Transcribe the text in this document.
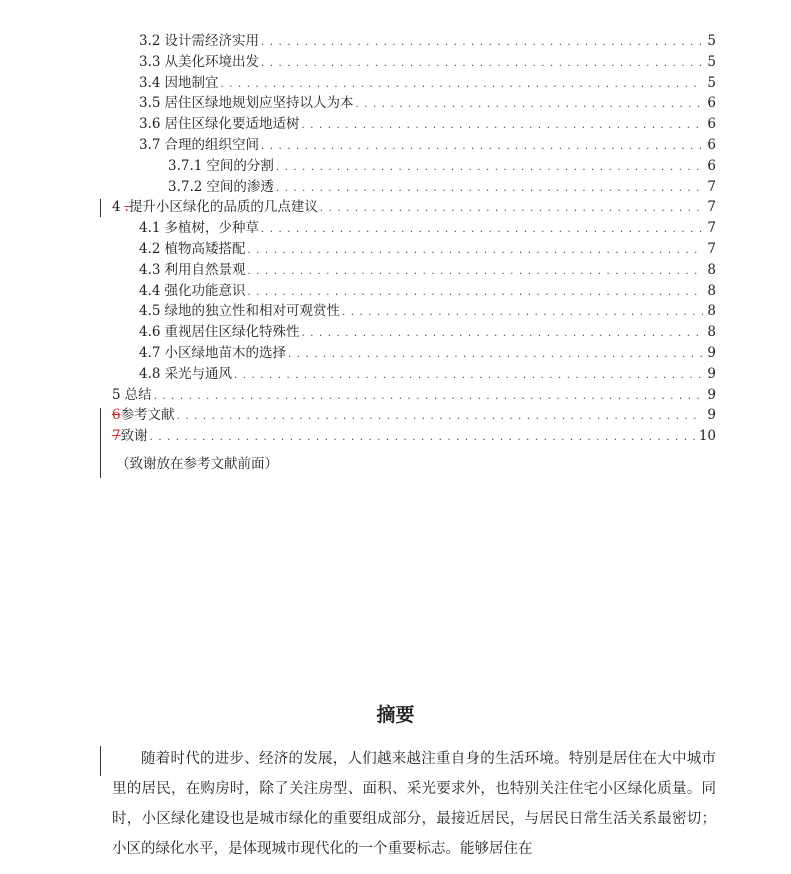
3.2 设计需经济实用 . . .	5
3.3 从美化环境出发 . . .	5
3.4 因地制宜 . . .	5
3.5 居住区绿地规划应坚持以人为本 . . .	6
3.6 居住区绿化要适地适树 . . .	6
3.7 合理的组织空间 . . .	6
3.7.1 空间的分割 . . .	6
3.7.2 空间的渗透 . . .	7
4 . 提升小区绿化的品质的几点建议 . . .	7
4.1 多植树，少种草 . . .	7
4.2 植物高矮搭配 . . .	7
4.3 利用自然景观 . . .	8
4.4 强化功能意识 . . .	8
4.5 绿地的独立性和相对可观赏性 . . .	8
4.6 重视居住区绿化特殊性 . . .	8
4.7 小区绿地苗木的选择 . . .	9
4.8 采光与通风 . . .	9
5 总结 . . .	9
6 参考文献 . . .	9
7 致谢 . . .	10
（致谢放在参考文献前面）
摘要

随着时代的进步、经济的发展，人们越来越注重自身的生活环境。特别是居住在大中城市里的居民，在购房时，除了关注房型、面积、采光要求外，也特别关注住宅小区绿化质量。同时，小区绿化建设也是城市绿化的重要组成部分，最接近居民，与居民日常生活关系最密切；小区的绿化水平，是体现城市现代化的一个重要标志。能够居住在
